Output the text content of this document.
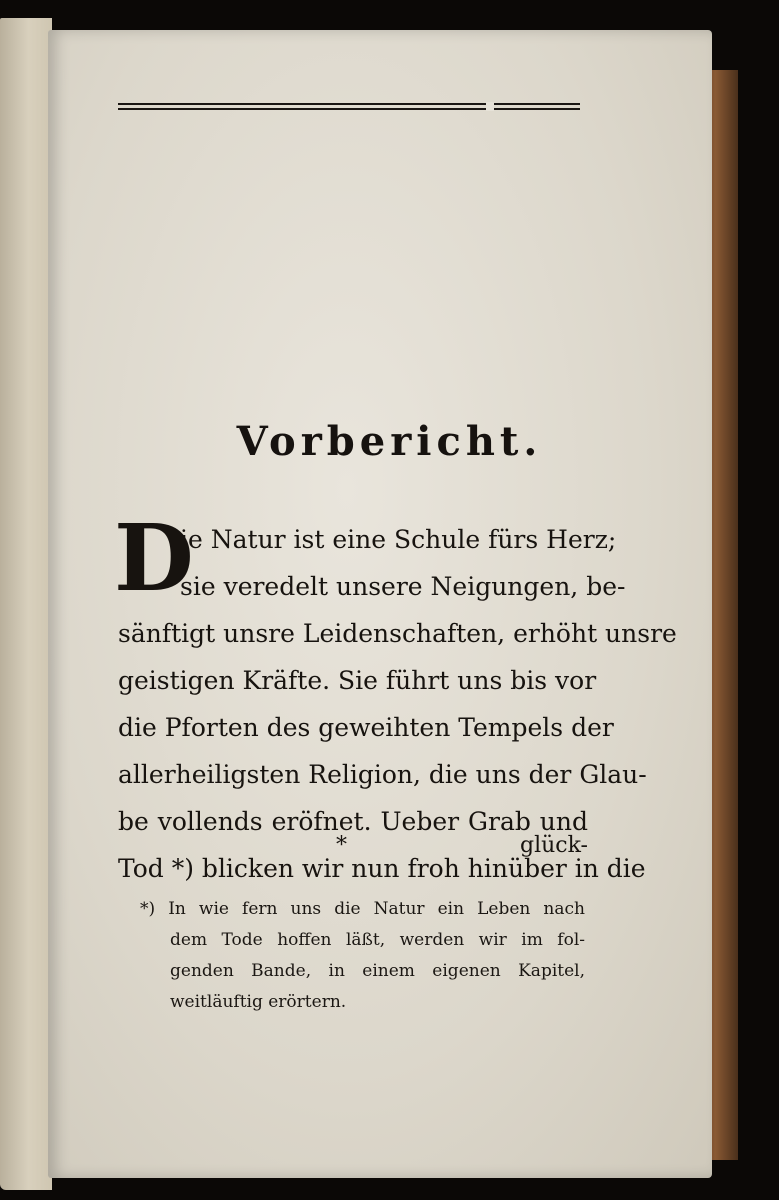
Vorbericht.
D
ie Natur ist eine Schule fürs Herz;
sie veredelt unsere Neigungen, be-
sänftigt unsre Leidenschaften, erhöht unsre
geistigen Kräfte. Sie führt uns bis vor
die Pforten des geweihten Tempels der
allerheiligsten Religion, die uns der Glau-
be vollends eröfnet. Ueber Grab und
Tod *) blicken wir nun froh hinüber in die
*	glück-
*) In wie fern uns die Natur ein Leben nach
dem Tode hoffen läßt, werden wir im fol-
genden Bande, in einem eigenen Kapitel,
weitläuftig erörtern.
